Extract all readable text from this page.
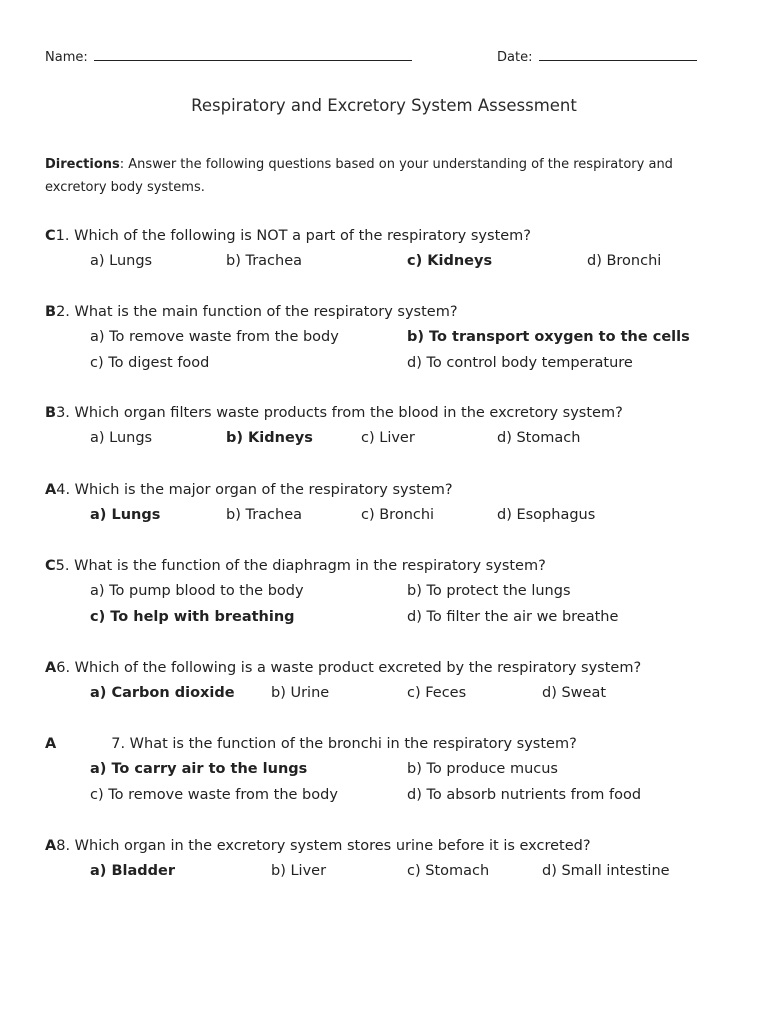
Name:	Date:
Respiratory and Excretory System Assessment
Directions: Answer the following questions based on your understanding of the respiratory and excretory body systems.
C1. Which of the following is NOT a part of the respiratory system?
a) Lungs	b) Trachea	c) Kidneys	d) Bronchi
B2. What is the main function of the respiratory system?
a) To remove waste from the body	b) To transport oxygen to the cells
c) To digest food	d) To control body temperature
B3. Which organ filters waste products from the blood in the excretory system?
a) Lungs	b) Kidneys	c) Liver	d) Stomach
A4. Which is the major organ of the respiratory system?
a) Lungs	b) Trachea	c) Bronchi	d) Esophagus
C5. What is the function of the diaphragm in the respiratory system?
a) To pump blood to the body	b) To protect the lungs
c) To help with breathing	d) To filter the air we breathe
A6. Which of the following is a waste product excreted by the respiratory system?
a) Carbon dioxide	b) Urine	c) Feces	d) Sweat
A	7. What is the function of the bronchi in the respiratory system?
a) To carry air to the lungs	b) To produce mucus
c) To remove waste from the body	d) To absorb nutrients from food
A8. Which organ in the excretory system stores urine before it is excreted?
a) Bladder	b) Liver	c) Stomach	d) Small intestine
